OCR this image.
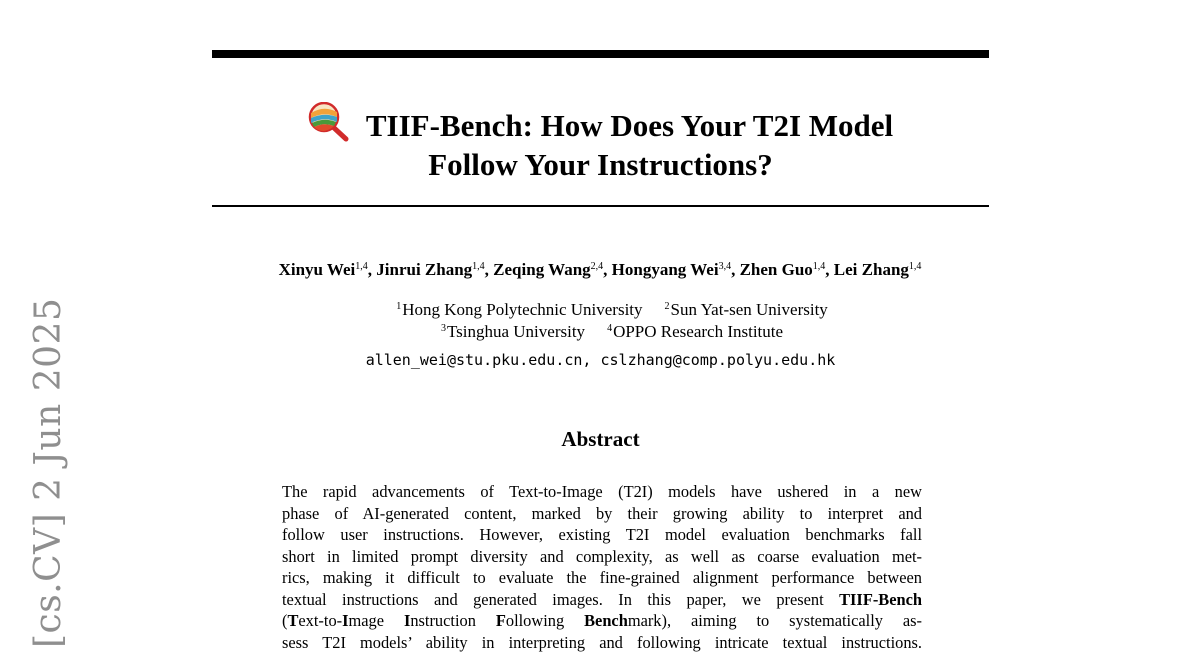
[cs.CV] 2 Jun 2025
TIIF-Bench: How Does Your T2I Model
Follow Your Instructions?
Xinyu Wei$^{1,4}$, Jinrui Zhang$^{1,4}$, Zeqing Wang$^{2,4}$, Hongyang Wei$^{3,4}$, Zhen Guo$^{1,4}$, Lei Zhang$^{1,4}$
$^1$Hong Kong Polytechnic University $^2$Sun Yat-sen University
$^3$Tsinghua University $^4$OPPO Research Institute
allen_wei@stu.pku.edu.cn, cslzhang@comp.polyu.edu.hk
Abstract
The rapid advancements of Text-to-Image (T2I) models have ushered in a new
phase of AI-generated content, marked by their growing ability to interpret and
follow user instructions. However, existing T2I model evaluation benchmarks fall
short in limited prompt diversity and complexity, as well as coarse evaluation met-
rics, making it difficult to evaluate the fine-grained alignment performance between
textual instructions and generated images. In this paper, we present TIIF-Bench
(Text-to-Image Instruction Following Benchmark), aiming to systematically as-
sess T2I models’ ability in interpreting and following intricate textual instructions.
